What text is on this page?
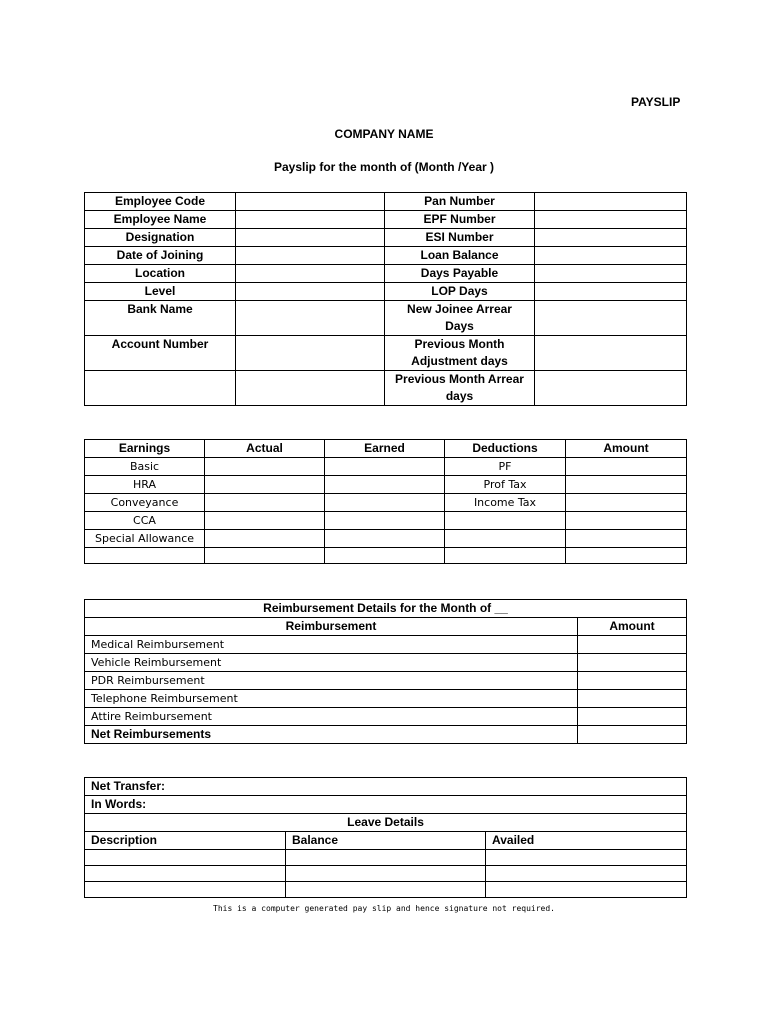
PAYSLIP
COMPANY NAME
Payslip for the month of (Month /Year )
Employee Code		Pan Number	
Employee Name		EPF Number	
Designation		ESI Number	
Date of Joining		Loan Balance	
Location		Days Payable	
Level		LOP Days	
Bank Name		New Joinee Arrear Days	
Account Number		Previous Month Adjustment days	
		Previous Month Arrear days	
Earnings	Actual	Earned	Deductions	Amount
Basic			PF	
HRA			Prof Tax	
Conveyance			Income Tax	
CCA				
Special Allowance				

Reimbursement Details for the Month of __	
Reimbursement	Amount
Medical Reimbursement	
Vehicle Reimbursement	
PDR Reimbursement	
Telephone Reimbursement	
Attire Reimbursement	
Net Reimbursements	
Net Transfer:		
In Words:		
Leave Details		
Description	Balance	Availed

This is a computer generated pay slip and hence signature not required.
